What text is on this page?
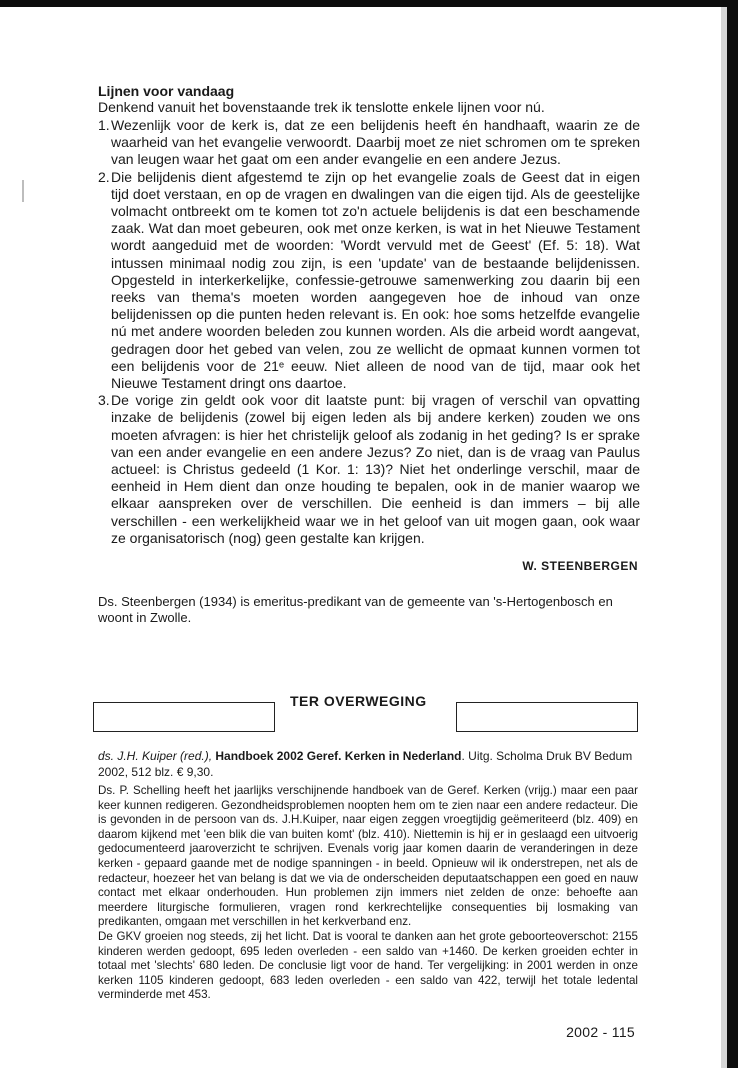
Lijnen voor vandaag
Denkend vanuit het bovenstaande trek ik tenslotte enkele lijnen voor nú.
1. Wezenlijk voor de kerk is, dat ze een belijdenis heeft én handhaaft, waarin ze de waarheid van het evangelie verwoordt. Daarbij moet ze niet schromen om te spreken van leugen waar het gaat om een ander evangelie en een andere Jezus.
2. Die belijdenis dient afgestemd te zijn op het evangelie zoals de Geest dat in eigen tijd doet verstaan, en op de vragen en dwalingen van die eigen tijd. Als de geestelijke volmacht ontbreekt om te komen tot zo'n actuele belijdenis is dat een beschamende zaak. Wat dan moet gebeuren, ook met onze kerken, is wat in het Nieuwe Testament wordt aangeduid met de woorden: 'Wordt vervuld met de Geest' (Ef. 5: 18). Wat intussen minimaal nodig zou zijn, is een 'update' van de bestaande belijdenissen. Opgesteld in interkerkelijke, confessie-getrouwe samenwerking zou daarin bij een reeks van thema's moeten worden aangegeven hoe de inhoud van onze belijdenissen op die punten heden relevant is. En ook: hoe soms hetzelfde evangelie nú met andere woorden beleden zou kunnen worden. Als die arbeid wordt aangevat, gedragen door het gebed van velen, zou ze wellicht de opmaat kunnen vormen tot een belijdenis voor de 21ᵉ eeuw. Niet alleen de nood van de tijd, maar ook het Nieuwe Testament dringt ons daartoe.
3. De vorige zin geldt ook voor dit laatste punt: bij vragen of verschil van opvatting inzake de belijdenis (zowel bij eigen leden als bij andere kerken) zouden we ons moeten afvragen: is hier het christelijk geloof als zodanig in het geding? Is er sprake van een ander evangelie en een andere Jezus? Zo niet, dan is de vraag van Paulus actueel: is Christus gedeeld (1 Kor. 1: 13)? Niet het onderlinge verschil, maar de eenheid in Hem dient dan onze houding te bepalen, ook in de manier waarop we elkaar aanspreken over de verschillen. Die eenheid is dan immers – bij alle verschillen - een werkelijkheid waar we in het geloof van uit mogen gaan, ook waar ze organisatorisch (nog) geen gestalte kan krijgen.
W. STEENBERGEN
Ds. Steenbergen (1934) is emeritus-predikant van de gemeente van 's-Hertogenbosch en woont in Zwolle.
TER OVERWEGING
ds. J.H. Kuiper (red.), Handboek 2002 Geref. Kerken in Nederland. Uitg. Scholma Druk BV Bedum 2002, 512 blz. € 9,30.

Ds. P. Schelling heeft het jaarlijks verschijnende handboek van de Geref. Kerken (vrijg.) maar een paar keer kunnen redigeren. Gezondheidsproblemen noopten hem om te zien naar een andere redacteur. Die is gevonden in de persoon van ds. J.H.Kuiper, naar eigen zeggen vroegtijdig geëmeriteerd (blz. 409) en daarom kijkend met 'een blik die van buiten komt' (blz. 410). Niettemin is hij er in geslaagd een uitvoerig gedocumenteerd jaaroverzicht te schrijven. Evenals vorig jaar komen daarin de veranderingen in deze kerken - gepaard gaande met de nodige spanningen - in beeld. Opnieuw wil ik onderstrepen, net als de redacteur, hoezeer het van belang is dat we via de onderscheiden deputaatschappen een goed en nauw contact met elkaar onderhouden. Hun problemen zijn immers niet zelden de onze: behoefte aan meerdere liturgische formulieren, vragen rond kerkrechtelijke consequenties bij losmaking van predikanten, omgaan met verschillen in het kerkverband enz.

De GKV groeien nog steeds, zij het licht. Dat is vooral te danken aan het grote geboorteoverschot: 2155 kinderen werden gedoopt, 695 leden overleden - een saldo van +1460. De kerken groeiden echter in totaal met 'slechts' 680 leden. De conclusie ligt voor de hand. Ter vergelijking: in 2001 werden in onze kerken 1105 kinderen gedoopt, 683 leden overleden - een saldo van 422, terwijl het totale ledental verminderde met 453.

2002 - 115
